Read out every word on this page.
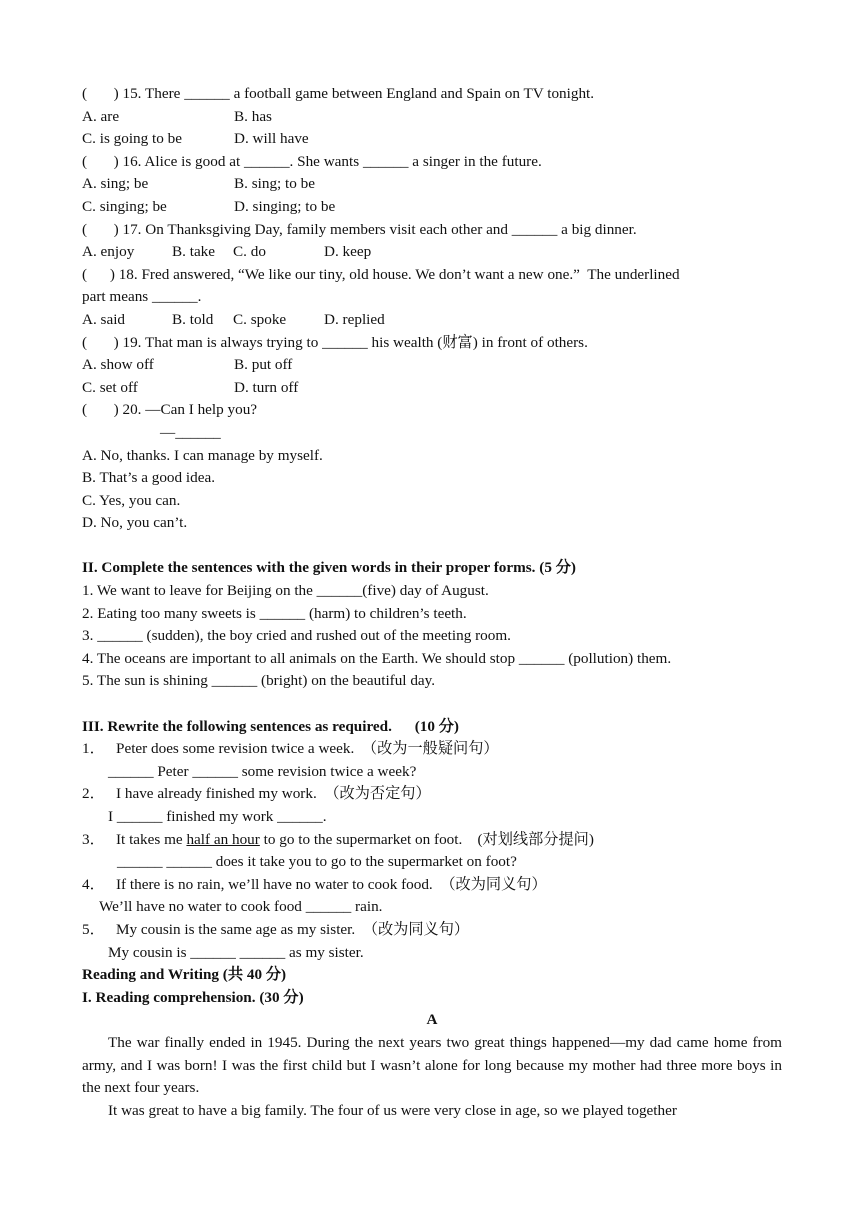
(       ) 15. There ______ a football game between England and Spain on TV tonight.
A. are	B. has
C. is going to be	D. will have
(       ) 16. Alice is good at ______. She wants ______ a singer in the future.
A. sing; be	B. sing; to be
C. singing; be	D. singing; to be
(       ) 17. On Thanksgiving Day, family members visit each other and ______ a big dinner.
A. enjoy	B. take	C. do	D. keep
(      ) 18. Fred answered, “We like our tiny, old house. We don’t want a new one.”  The underlined
part means ______.
A. said	B. told	C. spoke	D. replied
(       ) 19. That man is always trying to ______ his wealth (财富) in front of others.
A. show off	B. put off
C. set off	D. turn off
(       ) 20. —Can I help you?
—______
A. No, thanks. I can manage by myself.
B. That’s a good idea.
C. Yes, you can.
D. No, you can’t.
II. Complete the sentences with the given words in their proper forms. (5 分)
1. We want to leave for Beijing on the ______(five) day of August.
2. Eating too many sweets is ______ (harm) to children’s teeth.
3. ______ (sudden), the boy cried and rushed out of the meeting room.
4. The oceans are important to all animals on the Earth. We should stop ______ (pollution) them.
5. The sun is shining ______ (bright) on the beautiful day.
III. Rewrite the following sentences as required.      (10 分)
1． Peter does some revision twice a week.  （改为一般疑问句）
______ Peter ______ some revision twice a week?
2． I have already finished my work.  （改为否定句）
I ______ finished my work ______.
3． It takes me half an hour to go to the supermarket on foot.    (对划线部分提问)
______ ______ does it take you to go to the supermarket on foot?
4． If there is no rain, we’ll have no water to cook food.  （改为同义句）
We’ll have no water to cook food ______ rain.
5． My cousin is the same age as my sister.  （改为同义句）
My cousin is ______ ______ as my sister.
Reading and Writing (共 40 分)
I. Reading comprehension. (30 分)
A
The war finally ended in 1945. During the next years two great things happened—my dad came home from army, and I was born! I was the first child but I wasn’t alone for long because my mother had three more boys in the next four years.
It was great to have a big family. The four of us were very close in age, so we played together
